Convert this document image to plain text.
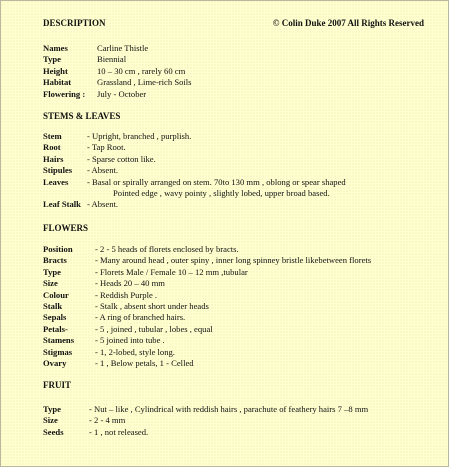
DESCRIPTION	© Colin Duke 2007 All Rights Reserved
Names	Carline Thistle
Type	Biennial
Height	10 – 30 cm , rarely 60 cm
Habitat	Grassland , Lime-rich Soils
Flowering : July - October
STEMS & LEAVES
Stem	- Upright, branched , purplish.
Root	- Tap Root.
Hairs	- Sparse cotton like.
Stipules - Absent.
Leaves - Basal or spirally arranged on stem. 70to 130 mm , oblong or spear shaped
Pointed edge , wavy pointy , slightly lobed, upper broad based.
Leaf Stalk - Absent.
FLOWERS
Position	- 2 - 5 heads of florets enclosed by bracts.
Bracts	- Many around head , outer spiny , inner long spinney bristle likebetween florets
Type	- Florets Male / Female 10 – 12 mm ,tubular
Size	- Heads 20 – 40 mm
Colour	- Reddish Purple .
Stalk	- Stalk , absent short under heads
Sepals	- A ring of branched hairs.
Petals-	- 5 , joined , tubular , lobes , equal
Stamens - 5 joined into tube .
Stigmas	- 1, 2-lobed, style long.
Ovary	- 1 , Below petals, 1 - Celled
FRUIT
Type	- Nut – like , Cylindrical with reddish hairs , parachute of feathery hairs 7 –8 mm
Size	- 2 - 4 mm
Seeds	- 1 , not released.
